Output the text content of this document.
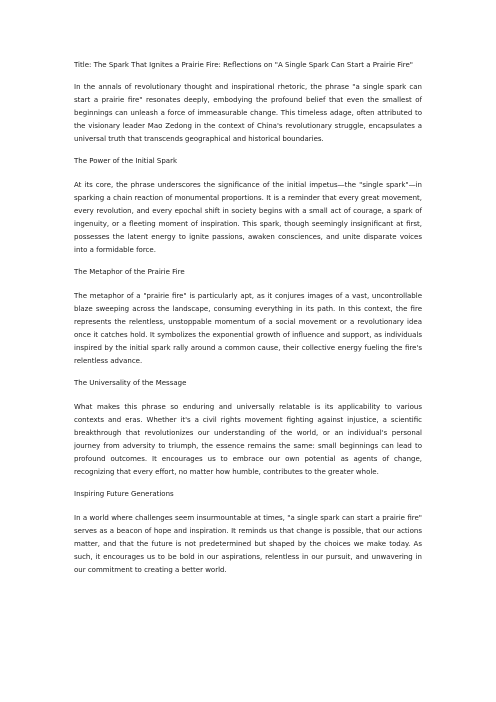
Title: The Spark That Ignites a Prairie Fire: Reflections on "A Single Spark Can Start a Prairie Fire"

In the annals of revolutionary thought and inspirational rhetoric, the phrase "a single spark can start a prairie fire" resonates deeply, embodying the profound belief that even the smallest of beginnings can unleash a force of immeasurable change. This timeless adage, often attributed to the visionary leader Mao Zedong in the context of China's revolutionary struggle, encapsulates a universal truth that transcends geographical and historical boundaries.

The Power of the Initial Spark

At its core, the phrase underscores the significance of the initial impetus—the "single spark"—in sparking a chain reaction of monumental proportions. It is a reminder that every great movement, every revolution, and every epochal shift in society begins with a small act of courage, a spark of ingenuity, or a fleeting moment of inspiration. This spark, though seemingly insignificant at first, possesses the latent energy to ignite passions, awaken consciences, and unite disparate voices into a formidable force.

The Metaphor of the Prairie Fire

The metaphor of a "prairie fire" is particularly apt, as it conjures images of a vast, uncontrollable blaze sweeping across the landscape, consuming everything in its path. In this context, the fire represents the relentless, unstoppable momentum of a social movement or a revolutionary idea once it catches hold. It symbolizes the exponential growth of influence and support, as individuals inspired by the initial spark rally around a common cause, their collective energy fueling the fire's relentless advance.

The Universality of the Message

What makes this phrase so enduring and universally relatable is its applicability to various contexts and eras. Whether it's a civil rights movement fighting against injustice, a scientific breakthrough that revolutionizes our understanding of the world, or an individual's personal journey from adversity to triumph, the essence remains the same: small beginnings can lead to profound outcomes. It encourages us to embrace our own potential as agents of change, recognizing that every effort, no matter how humble, contributes to the greater whole.

Inspiring Future Generations

In a world where challenges seem insurmountable at times, "a single spark can start a prairie fire" serves as a beacon of hope and inspiration. It reminds us that change is possible, that our actions matter, and that the future is not predetermined but shaped by the choices we make today. As such, it encourages us to be bold in our aspirations, relentless in our pursuit, and unwavering in our commitment to creating a better world.
